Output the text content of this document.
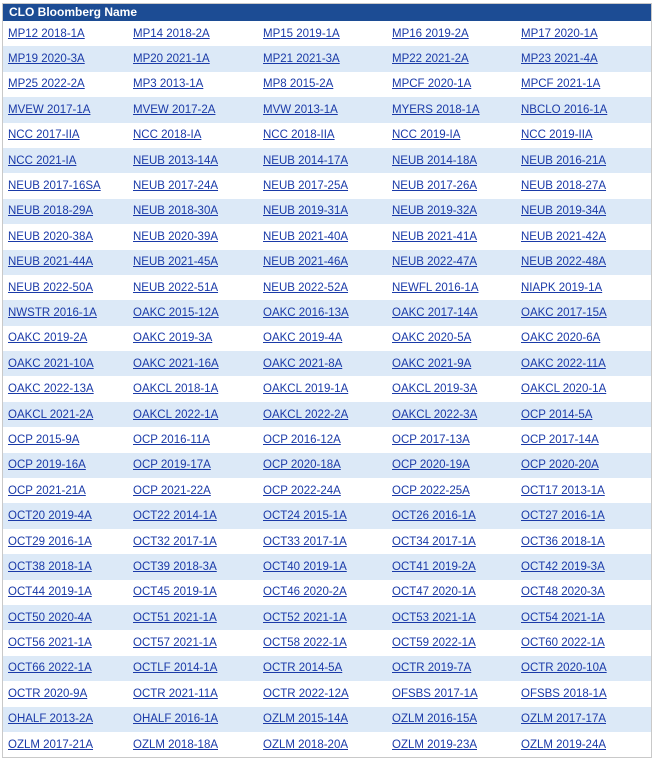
CLO Bloomberg Name
MP12 2018-1A	MP14 2018-2A	MP15 2019-1A	MP16 2019-2A	MP17 2020-1A
MP19 2020-3A	MP20 2021-1A	MP21 2021-3A	MP22 2021-2A	MP23 2021-4A
MP25 2022-2A	MP3 2013-1A	MP8 2015-2A	MPCF 2020-1A	MPCF 2021-1A
MVEW 2017-1A	MVEW 2017-2A	MVW 2013-1A	MYERS 2018-1A	NBCLO 2016-1A
NCC 2017-IIA	NCC 2018-IA	NCC 2018-IIA	NCC 2019-IA	NCC 2019-IIA
NCC 2021-IA	NEUB 2013-14A	NEUB 2014-17A	NEUB 2014-18A	NEUB 2016-21A
NEUB 2017-16SA	NEUB 2017-24A	NEUB 2017-25A	NEUB 2017-26A	NEUB 2018-27A
NEUB 2018-29A	NEUB 2018-30A	NEUB 2019-31A	NEUB 2019-32A	NEUB 2019-34A
NEUB 2020-38A	NEUB 2020-39A	NEUB 2021-40A	NEUB 2021-41A	NEUB 2021-42A
NEUB 2021-44A	NEUB 2021-45A	NEUB 2021-46A	NEUB 2022-47A	NEUB 2022-48A
NEUB 2022-50A	NEUB 2022-51A	NEUB 2022-52A	NEWFL 2016-1A	NIAPK 2019-1A
NWSTR 2016-1A	OAKC 2015-12A	OAKC 2016-13A	OAKC 2017-14A	OAKC 2017-15A
OAKC 2019-2A	OAKC 2019-3A	OAKC 2019-4A	OAKC 2020-5A	OAKC 2020-6A
OAKC 2021-10A	OAKC 2021-16A	OAKC 2021-8A	OAKC 2021-9A	OAKC 2022-11A
OAKC 2022-13A	OAKCL 2018-1A	OAKCL 2019-1A	OAKCL 2019-3A	OAKCL 2020-1A
OAKCL 2021-2A	OAKCL 2022-1A	OAKCL 2022-2A	OAKCL 2022-3A	OCP 2014-5A
OCP 2015-9A	OCP 2016-11A	OCP 2016-12A	OCP 2017-13A	OCP 2017-14A
OCP 2019-16A	OCP 2019-17A	OCP 2020-18A	OCP 2020-19A	OCP 2020-20A
OCP 2021-21A	OCP 2021-22A	OCP 2022-24A	OCP 2022-25A	OCT17 2013-1A
OCT20 2019-4A	OCT22 2014-1A	OCT24 2015-1A	OCT26 2016-1A	OCT27 2016-1A
OCT29 2016-1A	OCT32 2017-1A	OCT33 2017-1A	OCT34 2017-1A	OCT36 2018-1A
OCT38 2018-1A	OCT39 2018-3A	OCT40 2019-1A	OCT41 2019-2A	OCT42 2019-3A
OCT44 2019-1A	OCT45 2019-1A	OCT46 2020-2A	OCT47 2020-1A	OCT48 2020-3A
OCT50 2020-4A	OCT51 2021-1A	OCT52 2021-1A	OCT53 2021-1A	OCT54 2021-1A
OCT56 2021-1A	OCT57 2021-1A	OCT58 2022-1A	OCT59 2022-1A	OCT60 2022-1A
OCT66 2022-1A	OCTLF 2014-1A	OCTR 2014-5A	OCTR 2019-7A	OCTR 2020-10A
OCTR 2020-9A	OCTR 2021-11A	OCTR 2022-12A	OFSBS 2017-1A	OFSBS 2018-1A
OHALF 2013-2A	OHALF 2016-1A	OZLM 2015-14A	OZLM 2016-15A	OZLM 2017-17A
OZLM 2017-21A	OZLM 2018-18A	OZLM 2018-20A	OZLM 2019-23A	OZLM 2019-24A
